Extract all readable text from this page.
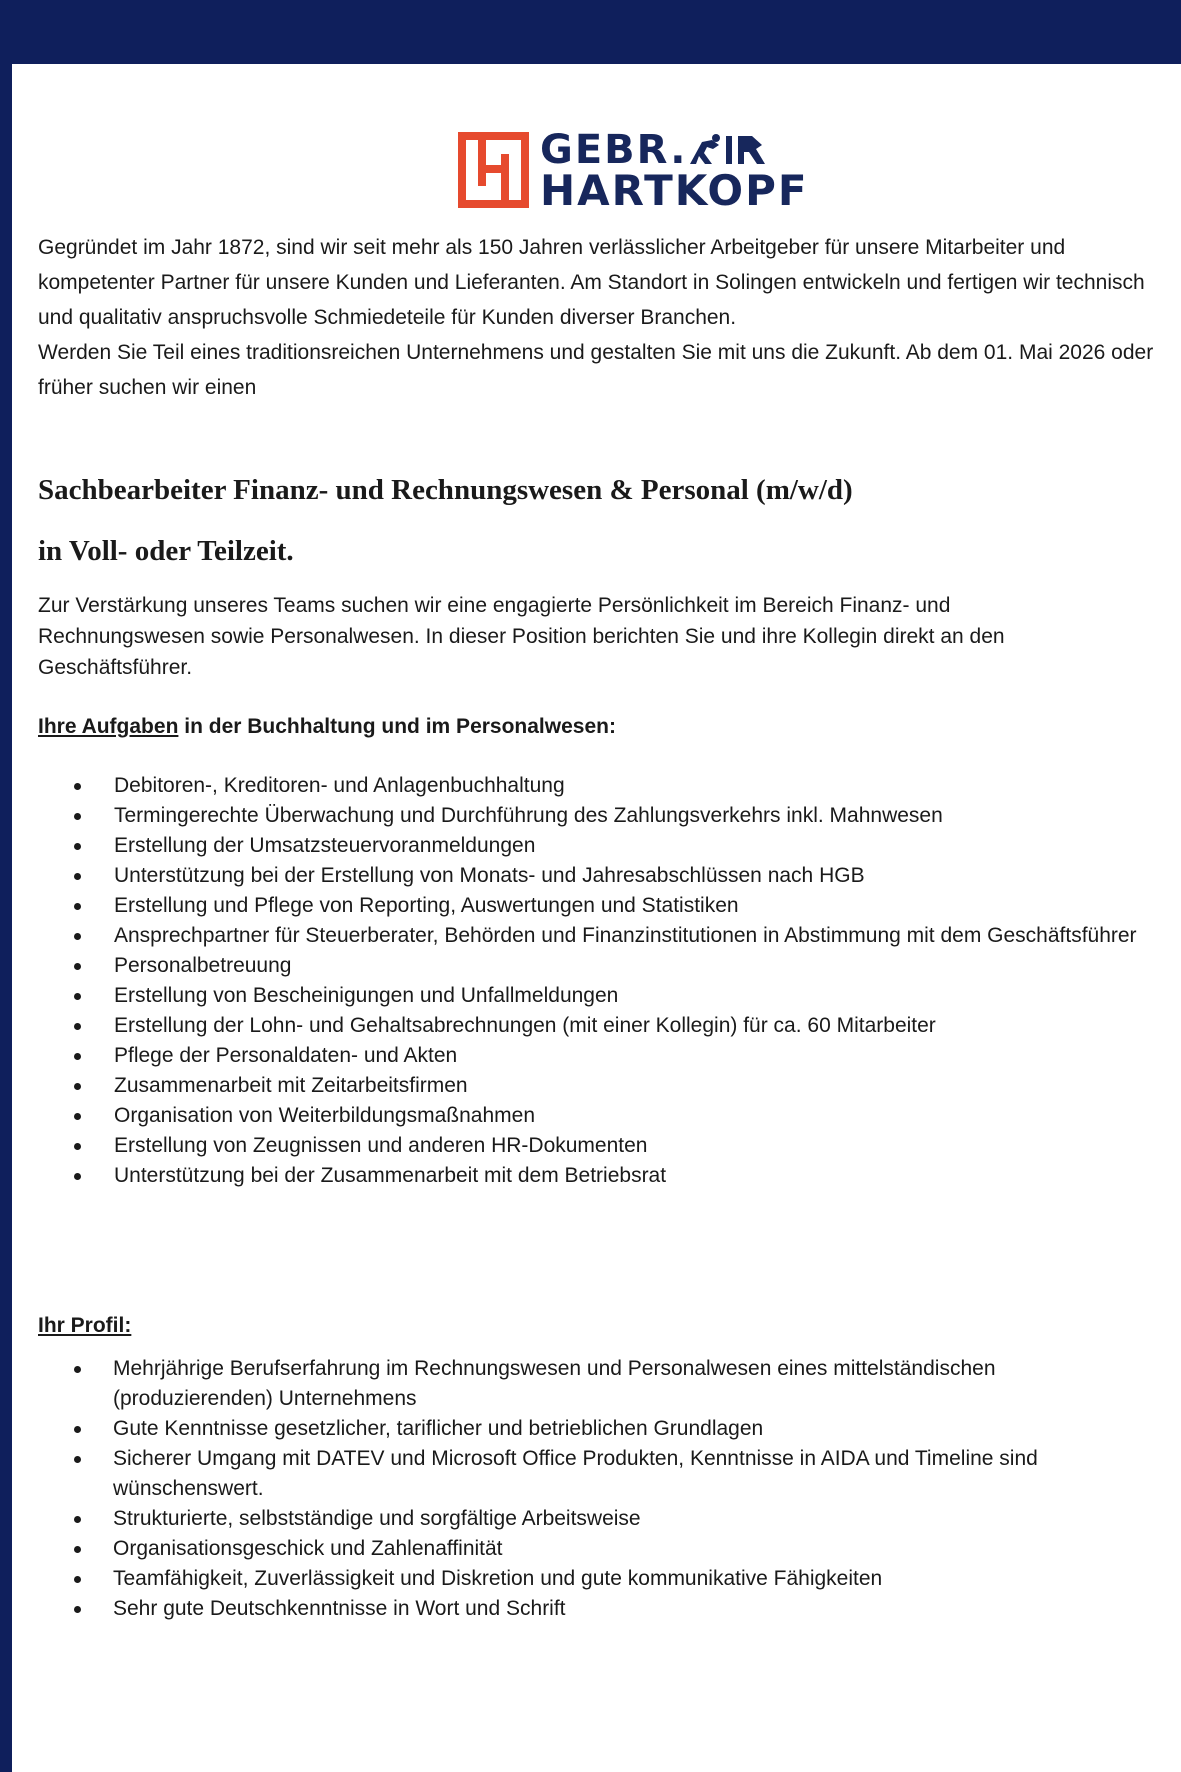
GEBR.
HARTKOPF

Gegründet im Jahr 1872, sind wir seit mehr als 150 Jahren verlässlicher Arbeitgeber für unsere Mitarbeiter und kompetenter Partner für unsere Kunden und Lieferanten. Am Standort in Solingen entwickeln und fertigen wir technisch und qualitativ anspruchsvolle Schmiedeteile für Kunden diverser Branchen.

Werden Sie Teil eines traditionsreichen Unternehmens und gestalten Sie mit uns die Zukunft. Ab dem 01. Mai 2026 oder früher suchen wir einen

Sachbearbeiter Finanz- und Rechnungswesen & Personal (m/w/d)
in Voll- oder Teilzeit.

Zur Verstärkung unseres Teams suchen wir eine engagierte Persönlichkeit im Bereich Finanz- und Rechnungswesen sowie Personalwesen. In dieser Position berichten Sie und ihre Kollegin direkt an den Geschäftsführer.

Ihre Aufgaben in der Buchhaltung und im Personalwesen:

Debitoren-, Kreditoren- und Anlagenbuchhaltung
Termingerechte Überwachung und Durchführung des Zahlungsverkehrs inkl. Mahnwesen
Erstellung der Umsatzsteuervoranmeldungen
Unterstützung bei der Erstellung von Monats- und Jahresabschlüssen nach HGB
Erstellung und Pflege von Reporting, Auswertungen und Statistiken
Ansprechpartner für Steuerberater, Behörden und Finanzinstitutionen in Abstimmung mit dem Geschäftsführer
Personalbetreuung
Erstellung von Bescheinigungen und Unfallmeldungen
Erstellung der Lohn- und Gehaltsabrechnungen (mit einer Kollegin) für ca. 60 Mitarbeiter
Pflege der Personaldaten- und Akten
Zusammenarbeit mit Zeitarbeitsfirmen
Organisation von Weiterbildungsmaßnahmen
Erstellung von Zeugnissen und anderen HR-Dokumenten
Unterstützung bei der Zusammenarbeit mit dem Betriebsrat

Ihr Profil:

Mehrjährige Berufserfahrung im Rechnungswesen und Personalwesen eines mittelständischen (produzierenden) Unternehmens
Gute Kenntnisse gesetzlicher, tariflicher und betrieblichen Grundlagen
Sicherer Umgang mit DATEV und Microsoft Office Produkten, Kenntnisse in AIDA und Timeline sind wünschenswert.
Strukturierte, selbstständige und sorgfältige Arbeitsweise
Organisationsgeschick und Zahlenaffinität
Teamfähigkeit, Zuverlässigkeit und Diskretion und gute kommunikative Fähigkeiten
Sehr gute Deutschkenntnisse in Wort und Schrift
